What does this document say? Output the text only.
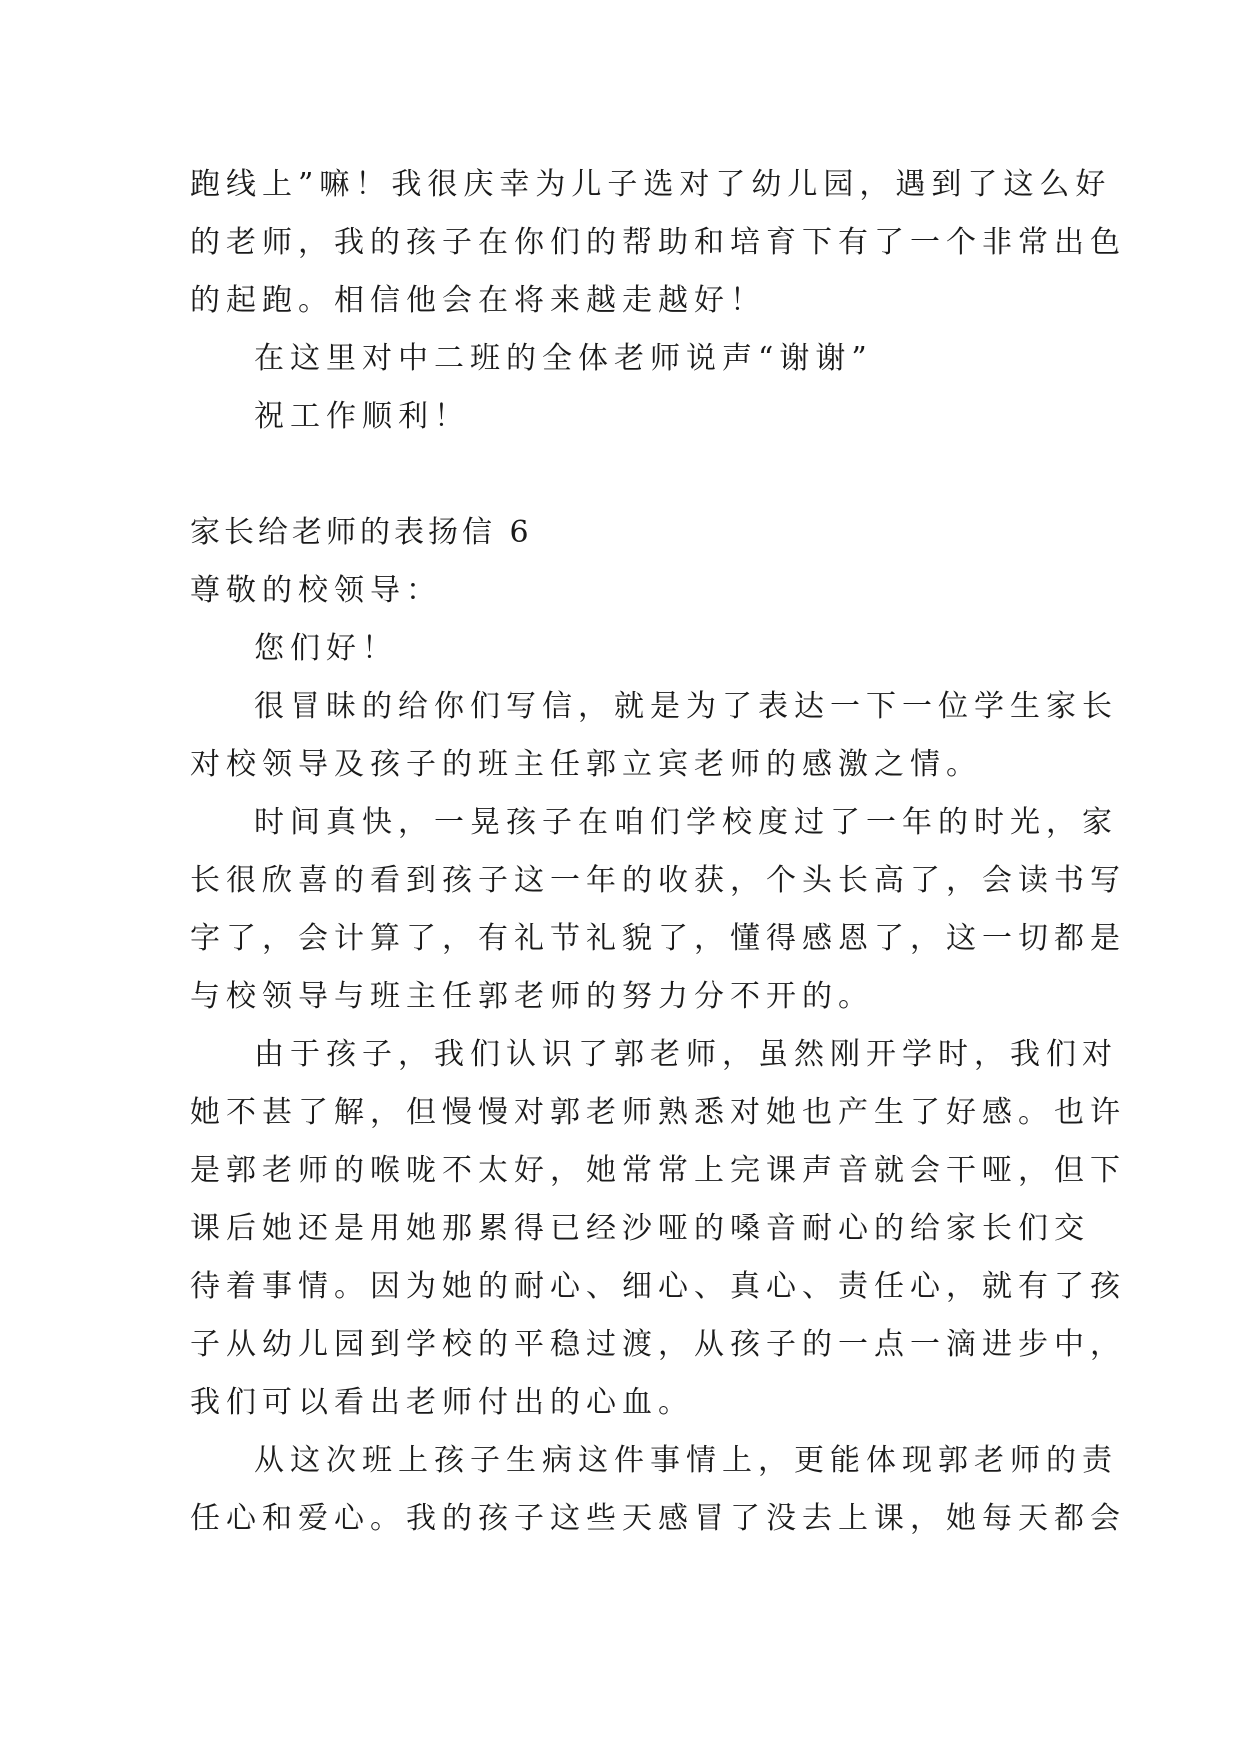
跑线上”嘛！我很庆幸为儿子选对了幼儿园，遇到了这么好
的老师，我的孩子在你们的帮助和培育下有了一个非常出色
的起跑。相信他会在将来越走越好！
在这里对中二班的全体老师说声“谢谢”
祝工作顺利！
家长给老师的表扬信 6
尊敬的校领导：
您们好！
很冒昧的给你们写信，就是为了表达一下一位学生家长
对校领导及孩子的班主任郭立宾老师的感激之情。
时间真快，一晃孩子在咱们学校度过了一年的时光，家
长很欣喜的看到孩子这一年的收获，个头长高了，会读书写
字了，会计算了，有礼节礼貌了，懂得感恩了，这一切都是
与校领导与班主任郭老师的努力分不开的。
由于孩子，我们认识了郭老师，虽然刚开学时，我们对
她不甚了解，但慢慢对郭老师熟悉对她也产生了好感。也许
是郭老师的喉咙不太好，她常常上完课声音就会干哑，但下
课后她还是用她那累得已经沙哑的嗓音耐心的给家长们交
待着事情。因为她的耐心、细心、真心、责任心，就有了孩
子从幼儿园到学校的平稳过渡，从孩子的一点一滴进步中，
我们可以看出老师付出的心血。
从这次班上孩子生病这件事情上，更能体现郭老师的责
任心和爱心。我的孩子这些天感冒了没去上课，她每天都会
